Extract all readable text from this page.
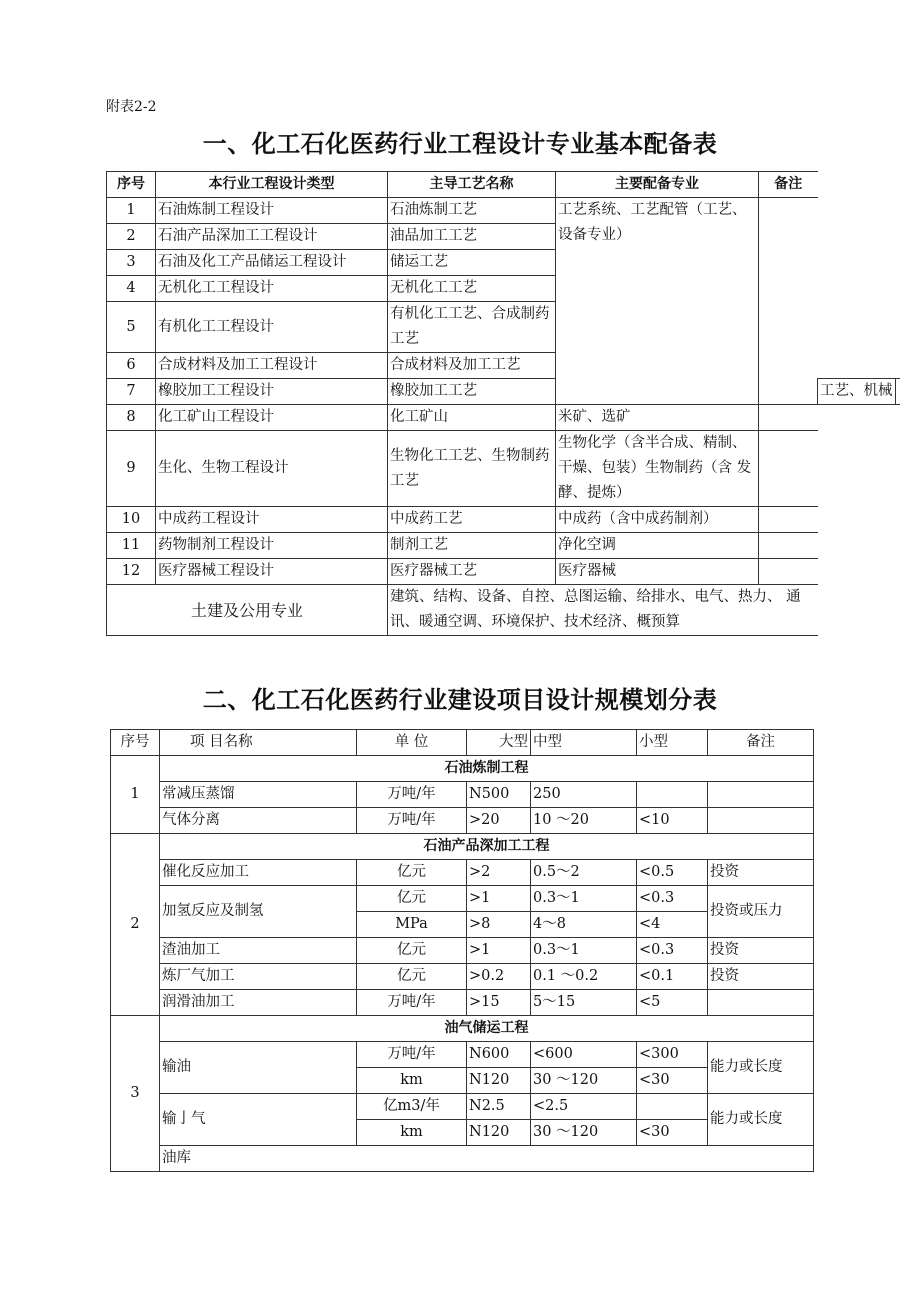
附表2-2
一、化工石化医药行业工程设计专业基本配备表
序号	本行业工程设计类型	主导工艺名称	主要配备专业	备注		
1	石油炼制工程设计	石油炼制工艺	工艺系统、工艺配管（工艺、 设备专业）			
2	石油产品深加工工程设计	油品加工工艺				
3	石油及化工产品储运工程设计	储运工艺				
4	无机化工工程设计	无机化工工艺				
5	有机化工工程设计	有机化工工艺、合成制药工艺				
6	合成材料及加工工程设计	合成材料及加工工艺				
7	橡胶加工工程设计	橡胶加工工艺			工艺、机械	
8	化工矿山工程设计	化工矿山	米矿、选矿			
9	生化、生物工程设计	生物化工工艺、生物制药工艺	生物化学（含半合成、精制、 干燥、包装）生物制药（含 发酵、提炼）			
10	中成药工程设计	中成药工艺	中成药（含中成药制剂）			
11	药物制剂工程设计	制剂工艺	净化空调			
12	医疗器械工程设计	医疗器械工艺	医疗器械			
土建及公用专业		建筑、结构、设备、自控、总图运输、给排水、电气、热力、 通讯、暖通空调、环境保护、技术经济、概预算				
二、化工石化医药行业建设项目设计规模划分表
序号	项 目名称	单 位	大型	中型	小型	备注
1	石油炼制工程					
	常减压蒸馏	万吨/年	N500	250		
	气体分离	万吨/年	>20	10 ～20	<10	
2	石油产品深加工工程					
	催化反应加工	亿元	>2	0.5～2	<0.5	投资
	加氢反应及制氢	亿元	>1	0.3～1	<0.3	投资或压力
		MPa	>8	4～8	<4	
	渣油加工	亿元	>1	0.3～1	<0.3	投资
	炼厂气加工	亿元	>0.2	0.1 ～0.2	<0.1	投资
	润滑油加工	万吨/年	>15	5～15	<5	
3	油气储运工程					
	输油	万吨/年	N600	<600	<300	能力或长度
		km	N120	30 ～120	<30	
	输亅气	亿m3/年	N2.5	<2.5		能力或长度
		km	N120	30 ～120	<30	
	油库					
